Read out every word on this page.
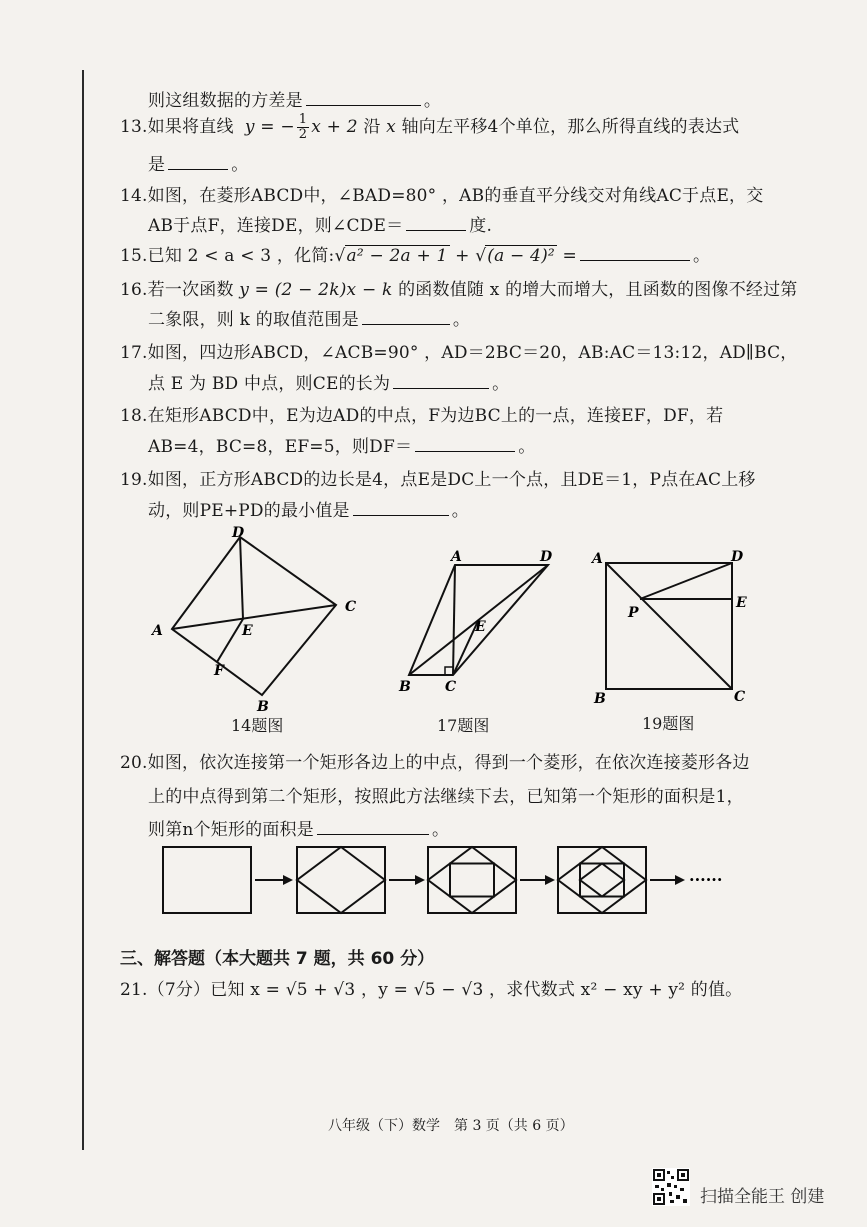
则这组数据的方差是	。
13.如果将直线 y = − $\frac{1}{2}$ x + 2 沿 x 轴向左平移4个单位，那么所得直线的表达式
是	。
14.如图，在菱形ABCD中，∠BAD=80° ，AB的垂直平分线交对角线AC于点E，交
AB于点F，连接DE，则∠CDE＝	度.
15.已知 2 < a < 3 ，化简:√a² − 2a + 1 + √(a − 4)² =	。
16.若一次函数 y = (2 − 2k)x − k 的函数值随 x 的增大而增大，且函数的图像不经过第
二象限，则 k 的取值范围是	。
17.如图，四边形ABCD，∠ACB=90° ，AD＝2BC＝20，AB:AC＝13:12，AD∥BC，
点 E 为 BD 中点，则CE的长为	。
18.在矩形ABCD中，E为边AD的中点，F为边BC上的一点，连接EF，DF，若
AB=4，BC=8，EF=5，则DF＝	。
19.如图，正方形ABCD的边长是4，点E是DC上一个点，且DE＝1，P点在AC上移
动，则PE+PD的最小值是	。
D
A
C
E
F
B
14题图
A	D
E
B C
17题图
A	D
E
P
B	C
19题图
20.如图，依次连接第一个矩形各边上的中点，得到一个菱形，在依次连接菱形各边
上的中点得到第二个矩形，按照此方法继续下去，已知第一个矩形的面积是1，
则第n个矩形的面积是	。
······
三、解答题（本大题共 7 题，共 60 分）
21.（7分）已知 x = √5 + √3 ，y = √5 − √3 ，求代数式 x² − xy + y² 的值。
八年级（下）数学　第 3 页（共 6 页）
扫描全能王 创建
